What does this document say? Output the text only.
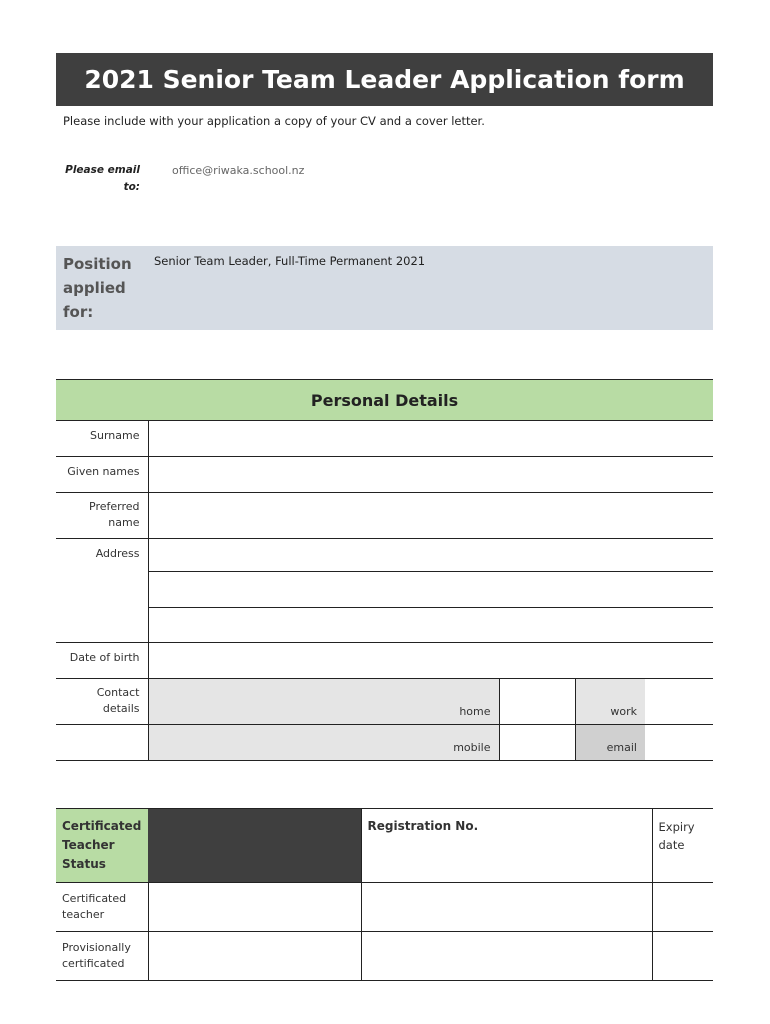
2021 Senior Team Leader Application form
Please include with your application a copy of your CV and a cover letter.
Please email to:
office@riwaka.school.nz
Position applied for:
Senior Team Leader, Full-Time Permanent 2021
Personal Details				
Surname				
Given names				
Preferred name				
Address				

Date of birth				
Contact details	home		work	
	mobile		email	
Certificated Teacher Status		Registration No.	Expiry date
Certificated teacher			
Provisionally certificated			
